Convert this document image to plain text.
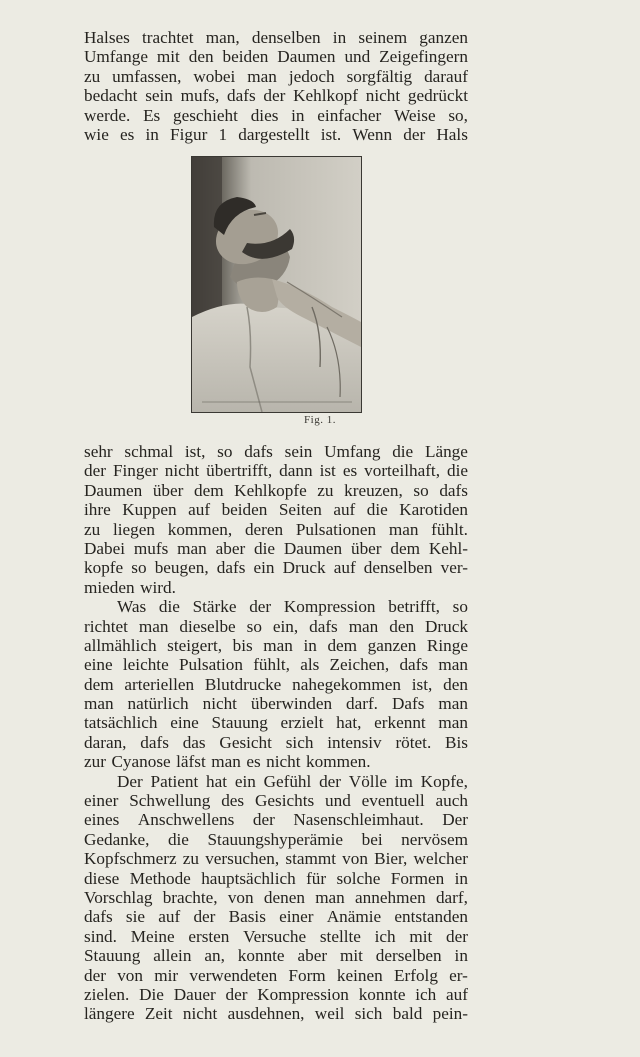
Halses trachtet man, denselben in seinem ganzen
Umfange mit den beiden Daumen und Zeigefingern
zu umfassen, wobei man jedoch sorgfältig darauf
bedacht sein mufs, dafs der Kehlkopf nicht gedrückt
werde. Es geschieht dies in einfacher Weise so,
wie es in Figur 1 dargestellt ist. Wenn der Hals
Fig. 1.
sehr schmal ist, so dafs sein Umfang die Länge
der Finger nicht übertrifft, dann ist es vorteilhaft, die
Daumen über dem Kehlkopfe zu kreuzen, so dafs
ihre Kuppen auf beiden Seiten auf die Karotiden
zu liegen kommen, deren Pulsationen man fühlt.
Dabei mufs man aber die Daumen über dem Kehl-
kopfe so beugen, dafs ein Druck auf denselben ver-
mieden wird.
Was die Stärke der Kompression betrifft, so
richtet man dieselbe so ein, dafs man den Druck
allmählich steigert, bis man in dem ganzen Ringe
eine leichte Pulsation fühlt, als Zeichen, dafs man
dem arteriellen Blutdrucke nahegekommen ist, den
man natürlich nicht überwinden darf. Dafs man
tatsächlich eine Stauung erzielt hat, erkennt man
daran, dafs das Gesicht sich intensiv rötet. Bis
zur Cyanose läfst man es nicht kommen.
Der Patient hat ein Gefühl der Völle im Kopfe,
einer Schwellung des Gesichts und eventuell auch
eines Anschwellens der Nasenschleimhaut. Der
Gedanke, die Stauungshyperämie bei nervösem
Kopfschmerz zu versuchen, stammt von Bier, welcher
diese Methode hauptsächlich für solche Formen in
Vorschlag brachte, von denen man annehmen darf,
dafs sie auf der Basis einer Anämie entstanden
sind. Meine ersten Versuche stellte ich mit der
Stauung allein an, konnte aber mit derselben in
der von mir verwendeten Form keinen Erfolg er-
zielen. Die Dauer der Kompression konnte ich auf
längere Zeit nicht ausdehnen, weil sich bald pein-
